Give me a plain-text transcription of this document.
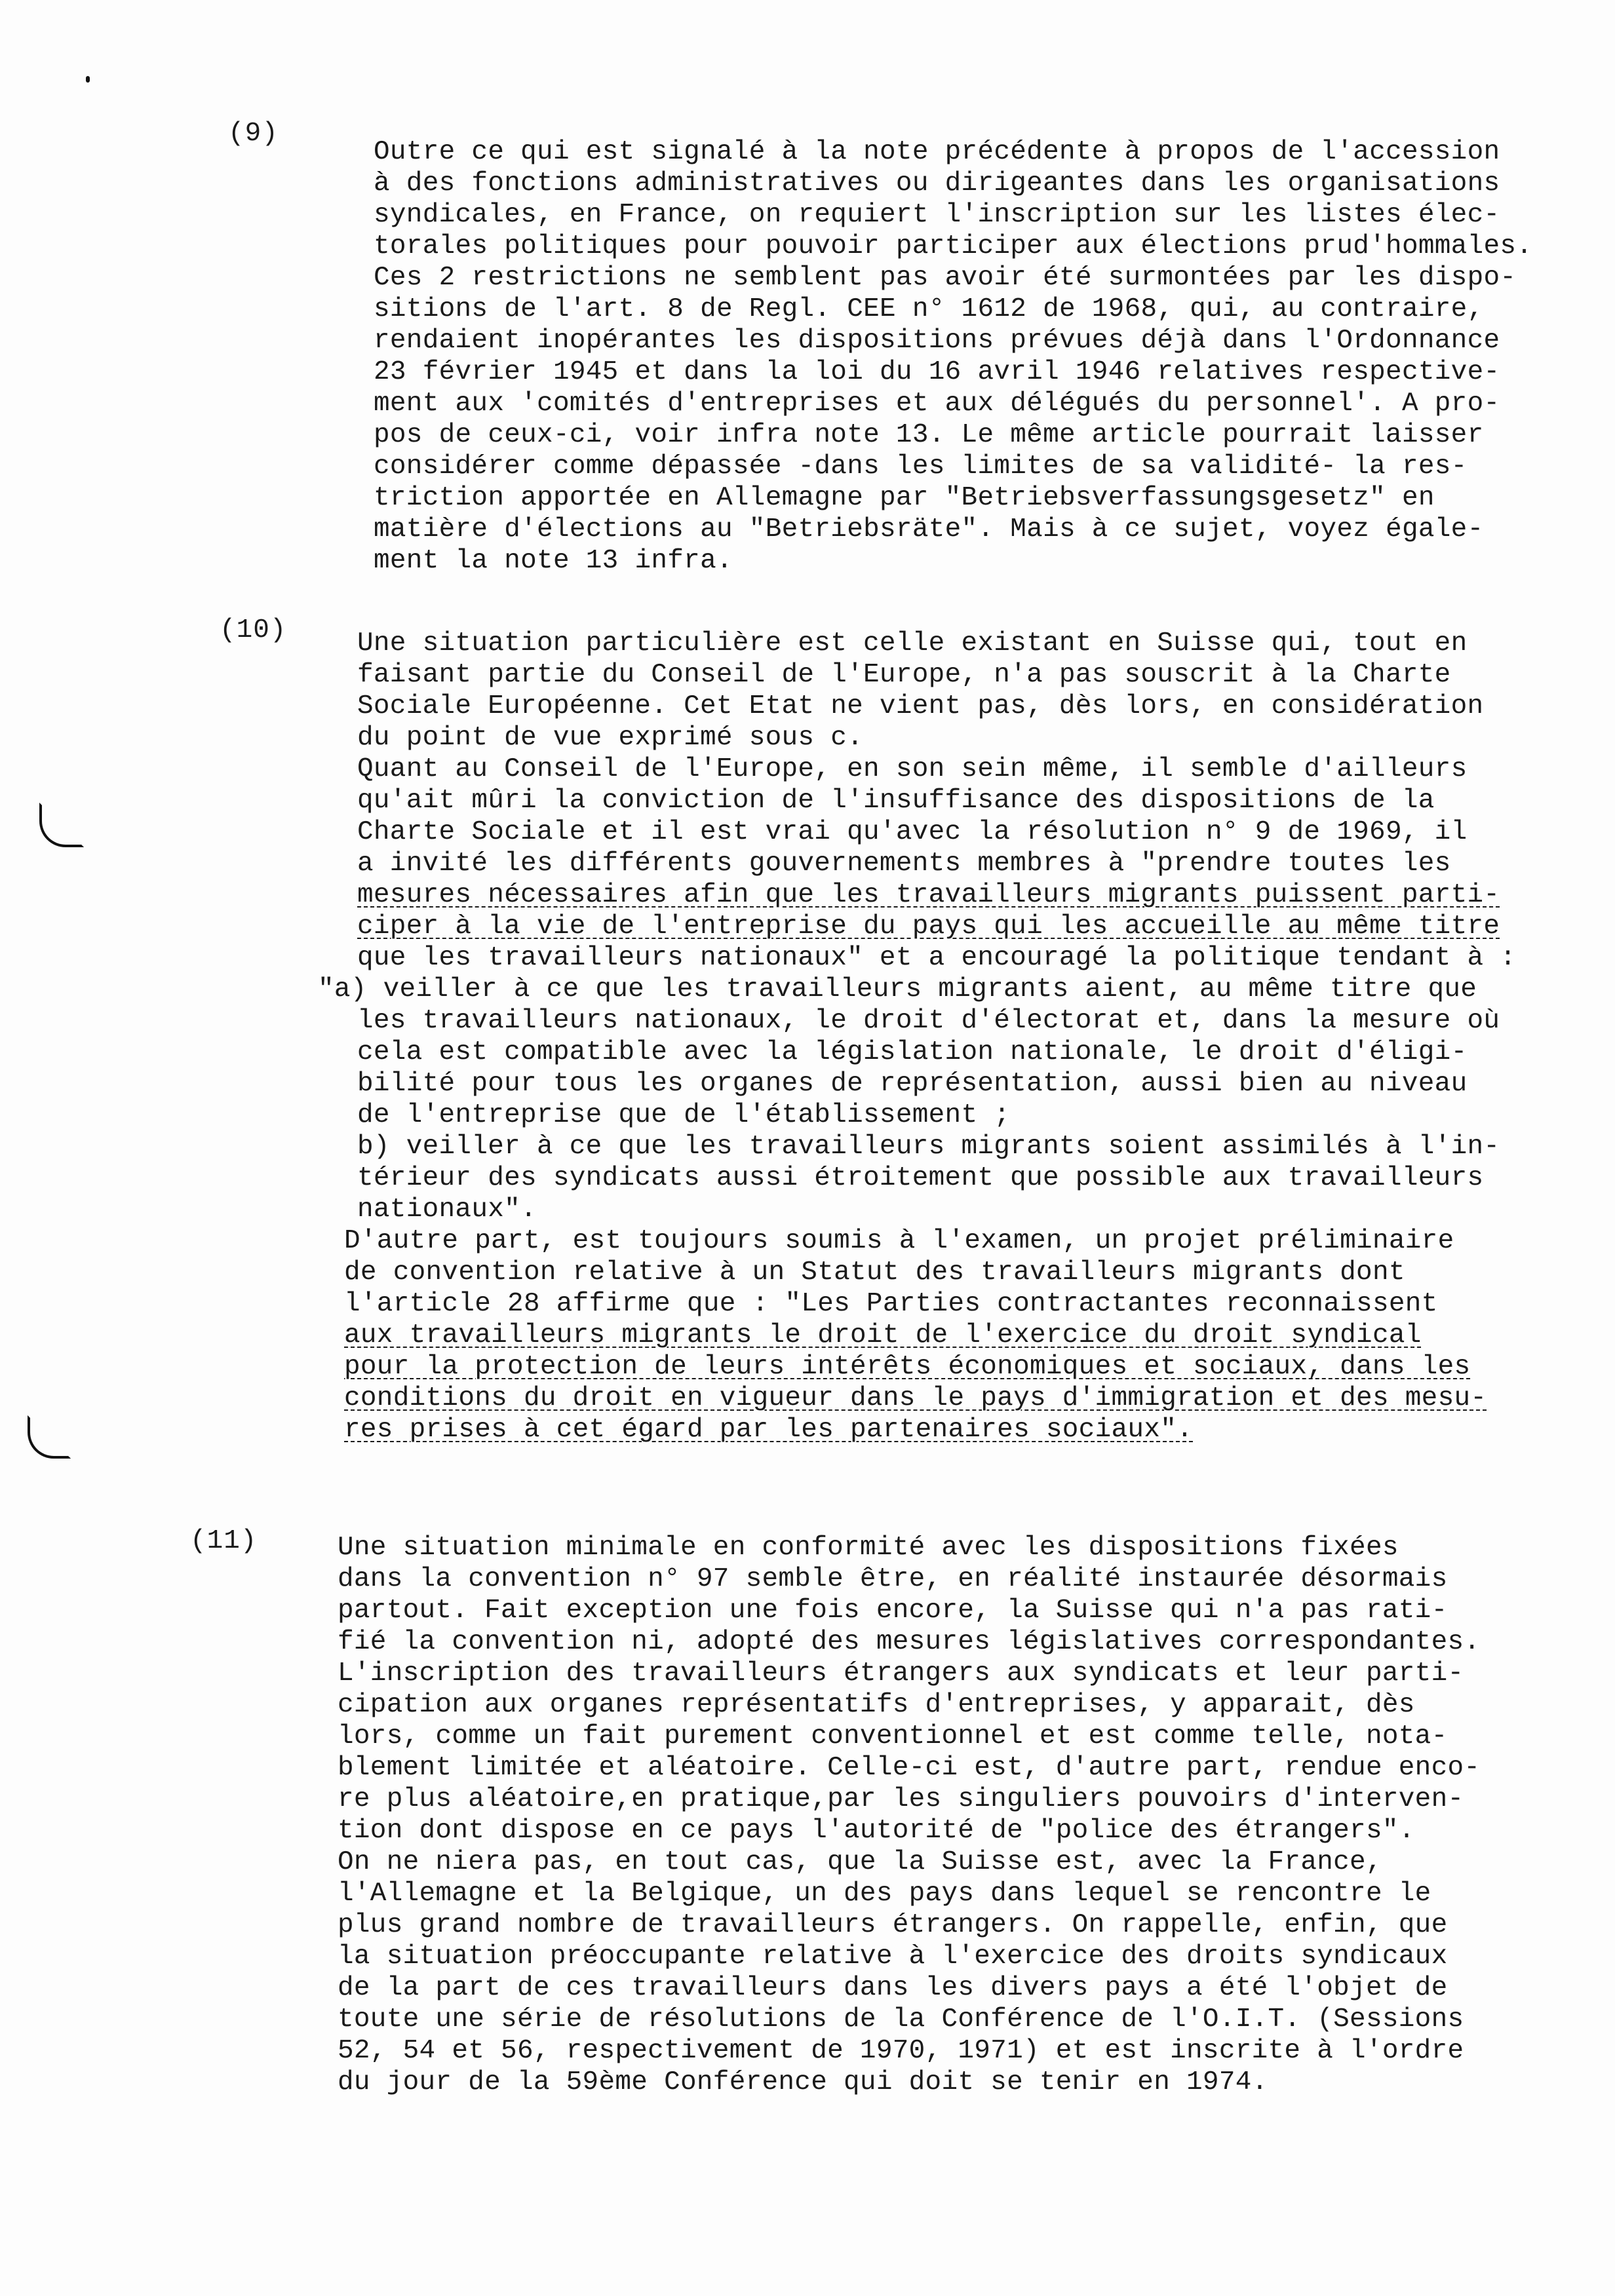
(9)
Outre ce qui est signalé à la note précédente à propos de l'accession
à des fonctions administratives ou dirigeantes dans les organisations
syndicales, en France, on requiert l'inscription sur les listes élec-
torales politiques pour pouvoir participer aux élections prud'hommales.
Ces 2 restrictions ne semblent pas avoir été surmontées par les dispo-
sitions de l'art. 8 de Regl. CEE n° 1612 de 1968, qui, au contraire,
rendaient inopérantes les dispositions prévues déjà dans l'Ordonnance
23 février 1945 et dans la loi du 16 avril 1946 relatives respective-
ment aux 'comités d'entreprises et aux délégués du personnel'. A pro-
pos de ceux-ci, voir infra note 13. Le même article pourrait laisser
considérer comme dépassée -dans les limites de sa validité- la res-
triction apportée en Allemagne par "Betriebsverfassungsgesetz" en
matière d'élections au "Betriebsräte". Mais à ce sujet, voyez égale-
ment la note 13 infra.
(10)	Une situation particulière est celle existant en Suisse qui, tout en
faisant partie du Conseil de l'Europe, n'a pas souscrit à la Charte
Sociale Européenne. Cet Etat ne vient pas, dès lors, en considération
du point de vue exprimé sous c.
Quant au Conseil de l'Europe, en son sein même, il semble d'ailleurs
qu'ait mûri la conviction de l'insuffisance des dispositions de la
Charte Sociale et il est vrai qu'avec la résolution n° 9 de 1969, il
a invité les différents gouvernements membres à "prendre toutes les
mesures nécessaires afin que les travailleurs migrants puissent parti-
ciper à la vie de l'entreprise du pays qui les accueille au même titre
que les travailleurs nationaux" et a encouragé la politique tendant à :
"a) veiller à ce que les travailleurs migrants aient, au même titre que
les travailleurs nationaux, le droit d'électorat et, dans la mesure où
cela est compatible avec la législation nationale, le droit d'éligi-
bilité pour tous les organes de représentation, aussi bien au niveau
de l'entreprise que de l'établissement ;
b) veiller à ce que les travailleurs migrants soient assimilés à l'in-
térieur des syndicats aussi étroitement que possible aux travailleurs
nationaux".
D'autre part, est toujours soumis à l'examen, un projet préliminaire
de convention relative à un Statut des travailleurs migrants dont
l'article 28 affirme que : "Les Parties contractantes reconnaissent
aux travailleurs migrants le droit de l'exercice du droit syndical
pour la protection de leurs intérêts économiques et sociaux, dans les
conditions du droit en vigueur dans le pays d'immigration et des mesu-
res prises à cet égard par les partenaires sociaux".
(11)	Une situation minimale en conformité avec les dispositions fixées
dans la convention n° 97 semble être, en réalité instaurée désormais
partout. Fait exception une fois encore, la Suisse qui n'a pas rati-
fié la convention ni, adopté des mesures législatives correspondantes.
L'inscription des travailleurs étrangers aux syndicats et leur parti-
cipation aux organes représentatifs d'entreprises, y apparait, dès
lors, comme un fait purement conventionnel et est comme telle, nota-
blement limitée et aléatoire. Celle-ci est, d'autre part, rendue enco-
re plus aléatoire,en pratique,par les singuliers pouvoirs d'interven-
tion dont dispose en ce pays l'autorité de "police des étrangers".
On ne niera pas, en tout cas, que la Suisse est, avec la France,
l'Allemagne et la Belgique, un des pays dans lequel se rencontre le
plus grand nombre de travailleurs étrangers. On rappelle, enfin, que
la situation préoccupante relative à l'exercice des droits syndicaux
de la part de ces travailleurs dans les divers pays a été l'objet de
toute une série de résolutions de la Conférence de l'O.I.T. (Sessions
52, 54 et 56, respectivement de 1970, 1971) et est inscrite à l'ordre
du jour de la 59ème Conférence qui doit se tenir en 1974.
